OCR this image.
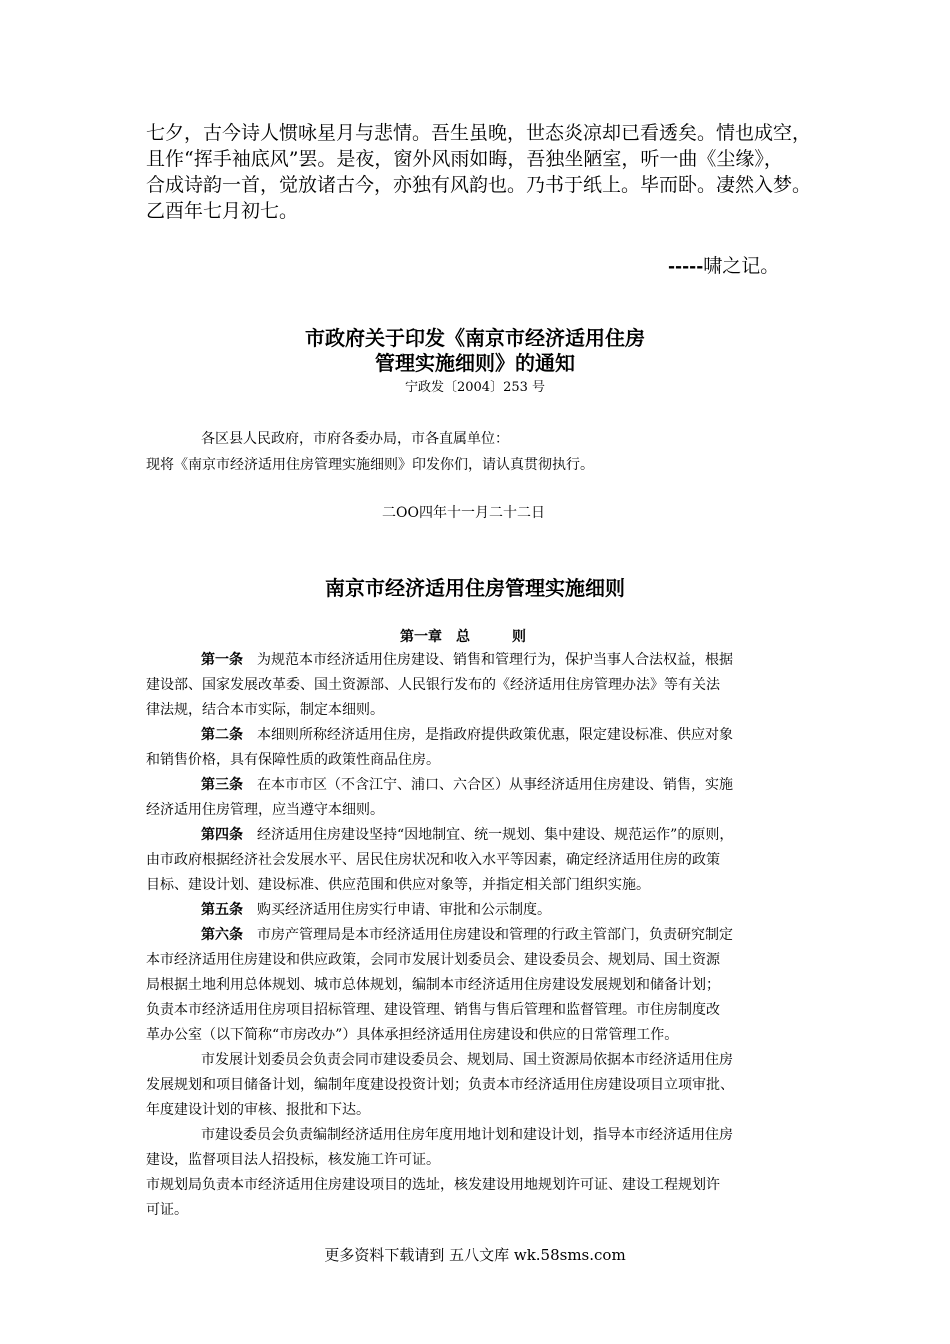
七夕，古今诗人惯咏星月与悲情。吾生虽晚，世态炎凉却已看透矣。情也成空，

且作“挥手袖底风”罢。是夜，窗外风雨如晦，吾独坐陋室，听一曲《尘缘》，

合成诗韵一首，觉放诸古今，亦独有风韵也。乃书于纸上。毕而卧。凄然入梦。

乙酉年七月初七。

-----啸之记。
市政府关于印发《南京市经济适用住房
管理实施细则》的通知
宁政发〔2004〕253 号
各区县人民政府，市府各委办局，市各直属单位：
现将《南京市经济适用住房管理实施细则》印发你们，请认真贯彻执行。
二OO四年十一月二十二日
南京市经济适用住房管理实施细则
第一章　总　　　则
第一条 为规范本市经济适用住房建设、销售和管理行为，保护当事人合法权益，根据
建设部、国家发展改革委、国土资源部、人民银行发布的《经济适用住房管理办法》等有关法
律法规，结合本市实际，制定本细则。
第二条 本细则所称经济适用住房，是指政府提供政策优惠，限定建设标准、供应对象
和销售价格，具有保障性质的政策性商品住房。
第三条 在本市市区（不含江宁、浦口、六合区）从事经济适用住房建设、销售，实施
经济适用住房管理，应当遵守本细则。
第四条 经济适用住房建设坚持“因地制宜、统一规划、集中建设、规范运作”的原则，
由市政府根据经济社会发展水平、居民住房状况和收入水平等因素，确定经济适用住房的政策
目标、建设计划、建设标准、供应范围和供应对象等，并指定相关部门组织实施。
第五条 购买经济适用住房实行申请、审批和公示制度。
第六条 市房产管理局是本市经济适用住房建设和管理的行政主管部门，负责研究制定
本市经济适用住房建设和供应政策，会同市发展计划委员会、建设委员会、规划局、国土资源
局根据土地利用总体规划、城市总体规划，编制本市经济适用住房建设发展规划和储备计划；
负责本市经济适用住房项目招标管理、建设管理、销售与售后管理和监督管理。市住房制度改
革办公室（以下简称“市房改办”）具体承担经济适用住房建设和供应的日常管理工作。
市发展计划委员会负责会同市建设委员会、规划局、国土资源局依据本市经济适用住房
发展规划和项目储备计划，编制年度建设投资计划；负责本市经济适用住房建设项目立项审批、
年度建设计划的审核、报批和下达。
市建设委员会负责编制经济适用住房年度用地计划和建设计划，指导本市经济适用住房
建设，监督项目法人招投标，核发施工许可证。
市规划局负责本市经济适用住房建设项目的选址，核发建设用地规划许可证、建设工程规划许
可证。
更多资料下载请到 五八文库 wk.58sms.com
